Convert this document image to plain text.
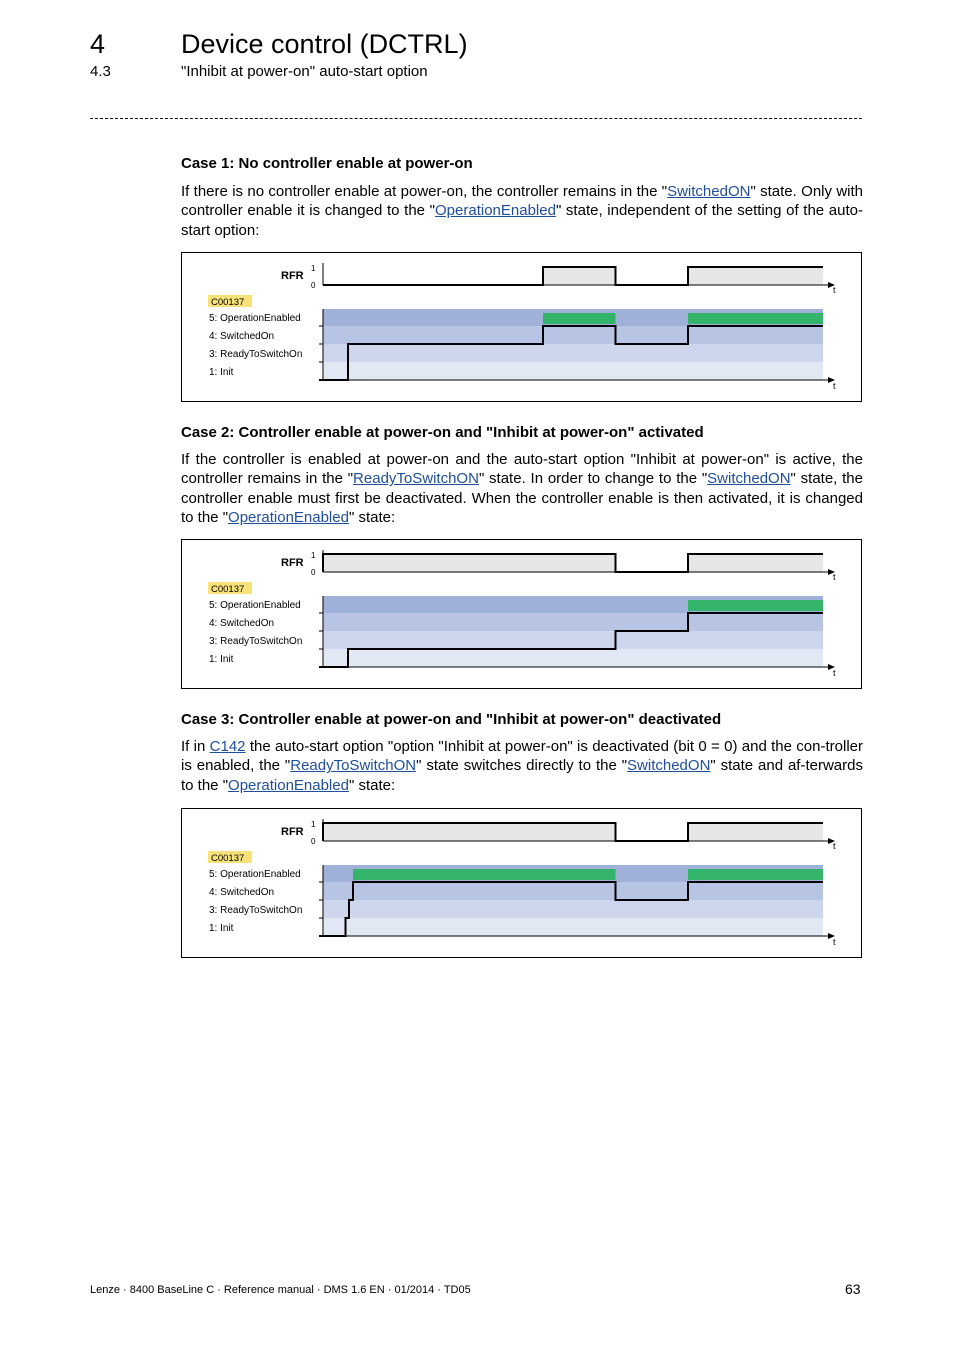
4	Device control (DCTRL)
4.3	"Inhibit at power-on" auto-start option
Case 1: No controller enable at power-on
If there is no controller enable at power-on, the controller remains in the "SwitchedON" state. Only with controller enable it is changed to the "OperationEnabled" state, independent of the setting of the auto-start option:
RFR
1
0	t
C00137
5: OperationEnabled
4: SwitchedOn
3: ReadyToSwitchOn
1: Init
t
Case 2: Controller enable at power-on and "Inhibit at power-on" activated
If the controller is enabled at power-on and the auto-start option "Inhibit at power-on" is active, the controller remains in the "ReadyToSwitchON" state. In order to change to the "SwitchedON" state, the controller enable must first be deactivated. When the controller enable is then activated, it is changed to the "OperationEnabled" state:
RFR
1
0	t
C00137
5: OperationEnabled
4: SwitchedOn
3: ReadyToSwitchOn
1: Init
t
Case 3: Controller enable at power-on and "Inhibit at power-on" deactivated
If in C142 the auto-start option "option "Inhibit at power-on" is deactivated (bit 0 = 0) and the con-troller is enabled, the "ReadyToSwitchON" state switches directly to the "SwitchedON" state and af-terwards to the "OperationEnabled" state:
RFR
1
0	t
C00137
5: OperationEnabled
4: SwitchedOn
3: ReadyToSwitchOn
1: Init
t
Lenze · 8400 BaseLine C · Reference manual · DMS 1.6 EN · 01/2014 · TD05	63
